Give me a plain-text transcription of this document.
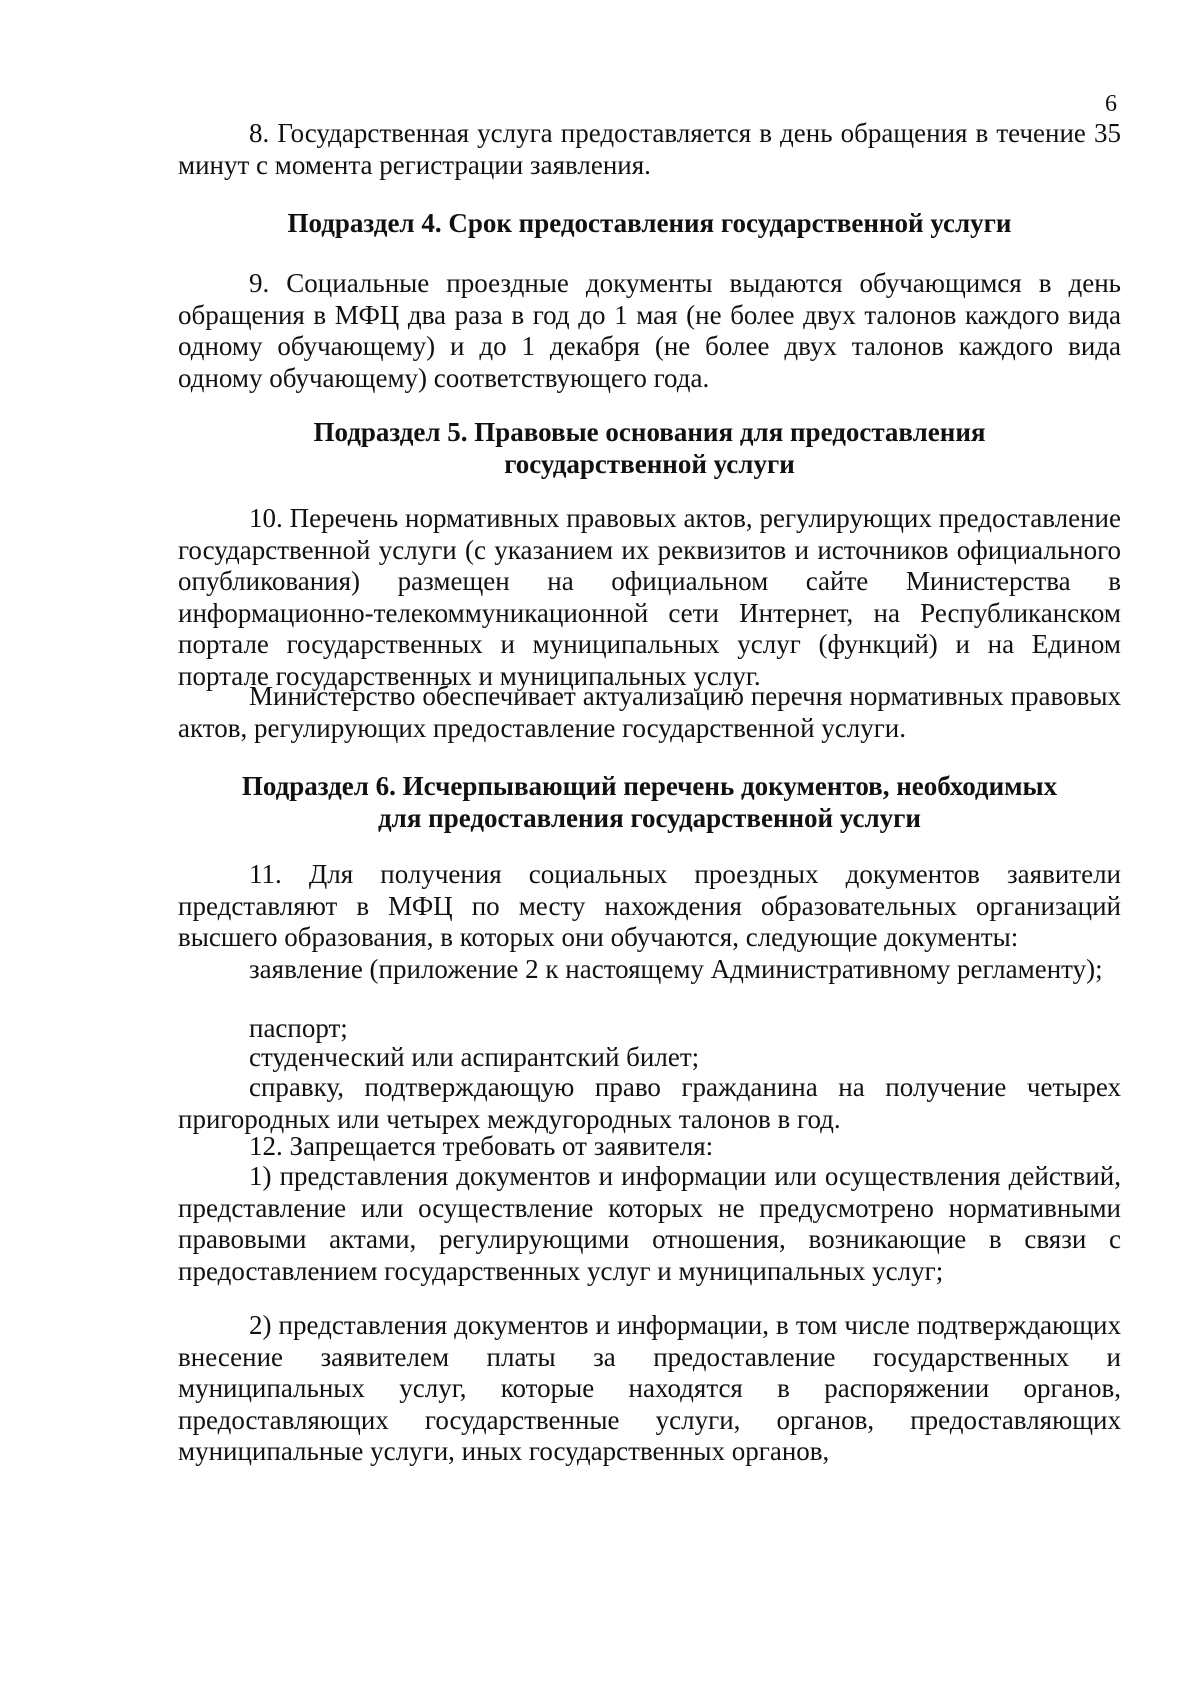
6

8. Государственная услуга предоставляется в день обращения в течение 35 минут с момента регистрации заявления.

Подраздел 4. Срок предоставления государственной услуги

9. Социальные проездные документы выдаются обучающимся в день обращения в МФЦ два раза в год до 1 мая (не более двух талонов каждого вида одному обучающему) и до 1 декабря (не более двух талонов каждого вида одному обучающему) соответствующего года.

Подраздел 5. Правовые основания для предоставления
государственной услуги

10. Перечень нормативных правовых актов, регулирующих предоставление государственной услуги (с указанием их реквизитов и источников официального опубликования) размещен на официальном сайте Министерства в информационно-телекоммуникационной сети Интернет, на Республиканском портале государственных и муниципальных услуг (функций) и на Едином портале государственных и муниципальных услуг.

Министерство обеспечивает актуализацию перечня нормативных правовых актов, регулирующих предоставление государственной услуги.

Подраздел 6. Исчерпывающий перечень документов, необходимых
для предоставления государственной услуги

11. Для получения социальных проездных документов заявители представляют в МФЦ по месту нахождения образовательных организаций высшего образования, в которых они обучаются, следующие документы:

заявление (приложение 2 к настоящему Административному регламенту);

паспорт;

студенческий или аспирантский билет;

справку, подтверждающую право гражданина на получение четырех пригородных или четырех междугородных талонов в год.

12. Запрещается требовать от заявителя:

1) представления документов и информации или осуществления действий, представление или осуществление которых не предусмотрено нормативными правовыми актами, регулирующими отношения, возникающие в связи с предоставлением государственных услуг и муниципальных услуг;

2) представления документов и информации, в том числе подтверждающих внесение заявителем платы за предоставление государственных и муниципальных услуг, которые находятся в распоряжении органов, предоставляющих государственные услуги, органов, предоставляющих муниципальные услуги, иных государственных органов,
